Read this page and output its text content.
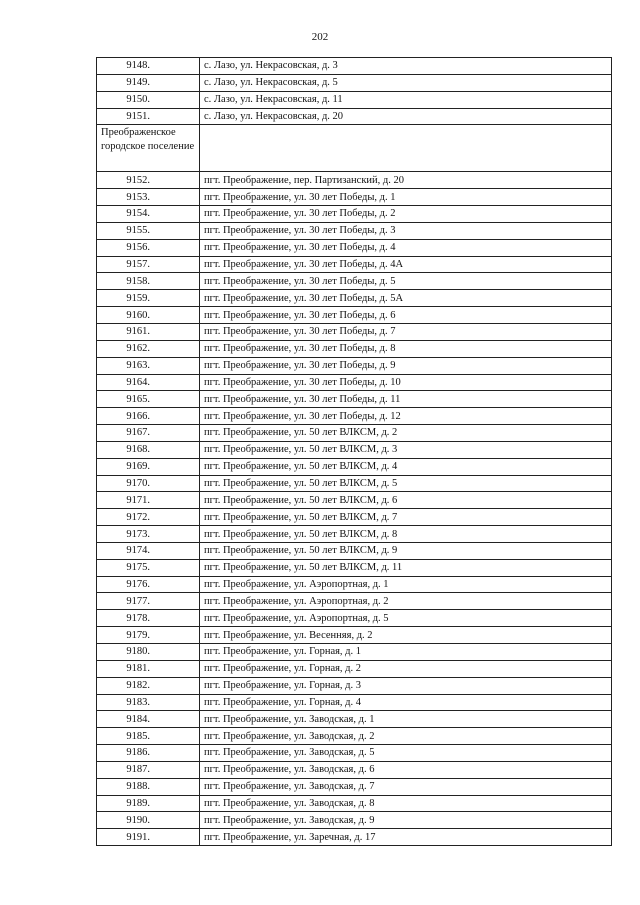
202
9148.	с. Лазо, ул. Некрасовская, д. 3
9149.	с. Лазо, ул. Некрасовская, д. 5
9150.	с. Лазо, ул. Некрасовская, д. 11
9151.	с. Лазо, ул. Некрасовская, д. 20
Преображенское городское поселение	
9152.	пгт. Преображение, пер. Партизанский, д. 20
9153.	пгт. Преображение, ул. 30 лет Победы, д. 1
9154.	пгт. Преображение, ул. 30 лет Победы, д. 2
9155.	пгт. Преображение, ул. 30 лет Победы, д. 3
9156.	пгт. Преображение, ул. 30 лет Победы, д. 4
9157.	пгт. Преображение, ул. 30 лет Победы, д. 4А
9158.	пгт. Преображение, ул. 30 лет Победы, д. 5
9159.	пгт. Преображение, ул. 30 лет Победы, д. 5А
9160.	пгт. Преображение, ул. 30 лет Победы, д. 6
9161.	пгт. Преображение, ул. 30 лет Победы, д. 7
9162.	пгт. Преображение, ул. 30 лет Победы, д. 8
9163.	пгт. Преображение, ул. 30 лет Победы, д. 9
9164.	пгт. Преображение, ул. 30 лет Победы, д. 10
9165.	пгт. Преображение, ул. 30 лет Победы, д. 11
9166.	пгт. Преображение, ул. 30 лет Победы, д. 12
9167.	пгт. Преображение, ул. 50 лет ВЛКСМ, д. 2
9168.	пгт. Преображение, ул. 50 лет ВЛКСМ, д. 3
9169.	пгт. Преображение, ул. 50 лет ВЛКСМ, д. 4
9170.	пгт. Преображение, ул. 50 лет ВЛКСМ, д. 5
9171.	пгт. Преображение, ул. 50 лет ВЛКСМ, д. 6
9172.	пгт. Преображение, ул. 50 лет ВЛКСМ, д. 7
9173.	пгт. Преображение, ул. 50 лет ВЛКСМ, д. 8
9174.	пгт. Преображение, ул. 50 лет ВЛКСМ, д. 9
9175.	пгт. Преображение, ул. 50 лет ВЛКСМ, д. 11
9176.	пгт. Преображение, ул. Аэропортная, д. 1
9177.	пгт. Преображение, ул. Аэропортная, д. 2
9178.	пгт. Преображение, ул. Аэропортная, д. 5
9179.	пгт. Преображение, ул. Весенняя, д. 2
9180.	пгт. Преображение, ул. Горная, д. 1
9181.	пгт. Преображение, ул. Горная, д. 2
9182.	пгт. Преображение, ул. Горная, д. 3
9183.	пгт. Преображение, ул. Горная, д. 4
9184.	пгт. Преображение, ул. Заводская, д. 1
9185.	пгт. Преображение, ул. Заводская, д. 2
9186.	пгт. Преображение, ул. Заводская, д. 5
9187.	пгт. Преображение, ул. Заводская, д. 6
9188.	пгт. Преображение, ул. Заводская, д. 7
9189.	пгт. Преображение, ул. Заводская, д. 8
9190.	пгт. Преображение, ул. Заводская, д. 9
9191.	пгт. Преображение, ул. Заречная, д. 17
